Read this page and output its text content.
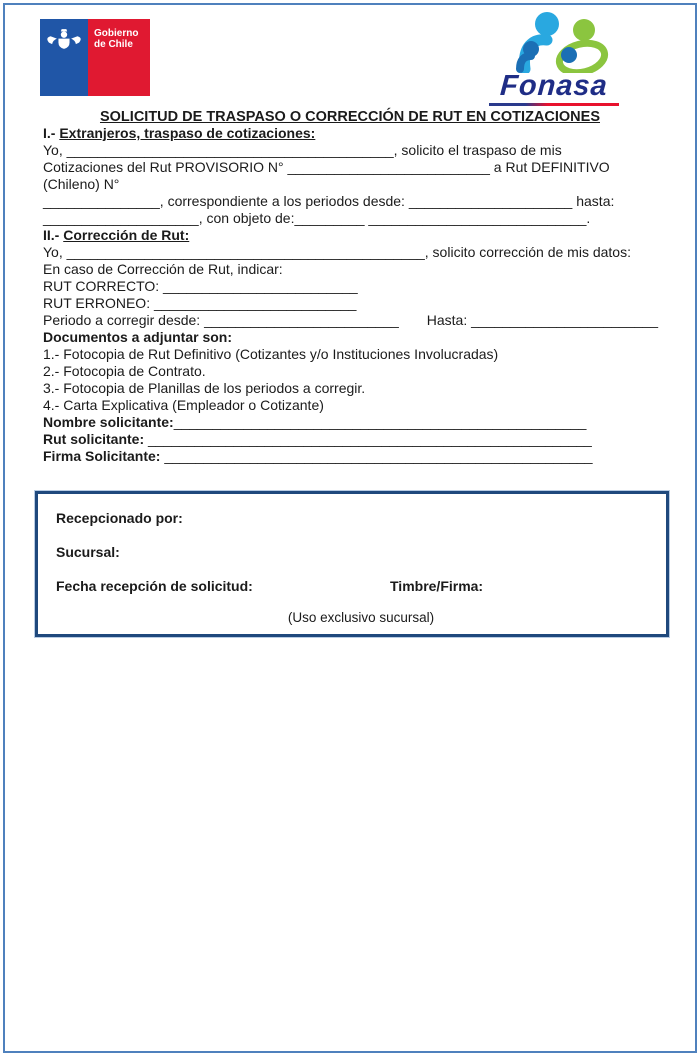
Gobierno
de Chile
Fonasa
SOLICITUD DE TRASPASO O CORRECCIÓN DE RUT EN COTIZACIONES

I.- Extranjeros, traspaso de cotizaciones:

Yo, __________________________________________, solicito el traspaso de mis

Cotizaciones del Rut PROVISORIO N° __________________________ a Rut DEFINITIVO (Chileno) N°

_______________, correspondiente a los periodos desde: _____________________ hasta:

____________________, con objeto de:_________ ____________________________.

II.- Corrección de Rut:

Yo, ______________________________________________, solicito corrección de mis datos:

En caso de Corrección de Rut, indicar:

RUT CORRECTO: _________________________

RUT ERRONEO: __________________________

Periodo a corregir desde: _________________________ Hasta: ________________________

Documentos a adjuntar son:

1.- Fotocopia de Rut Definitivo (Cotizantes y/o Instituciones Involucradas)

2.- Fotocopia de Contrato.

3.- Fotocopia de Planillas de los periodos a corregir.

4.- Carta Explicativa (Empleador o Cotizante)

Nombre solicitante:_____________________________________________________

Rut solicitante: _________________________________________________________

Firma Solicitante: _______________________________________________________

Recepcionado por:
Sucursal:
Fecha recepción de solicitud:	Timbre/Firma:
(Uso exclusivo sucursal)
